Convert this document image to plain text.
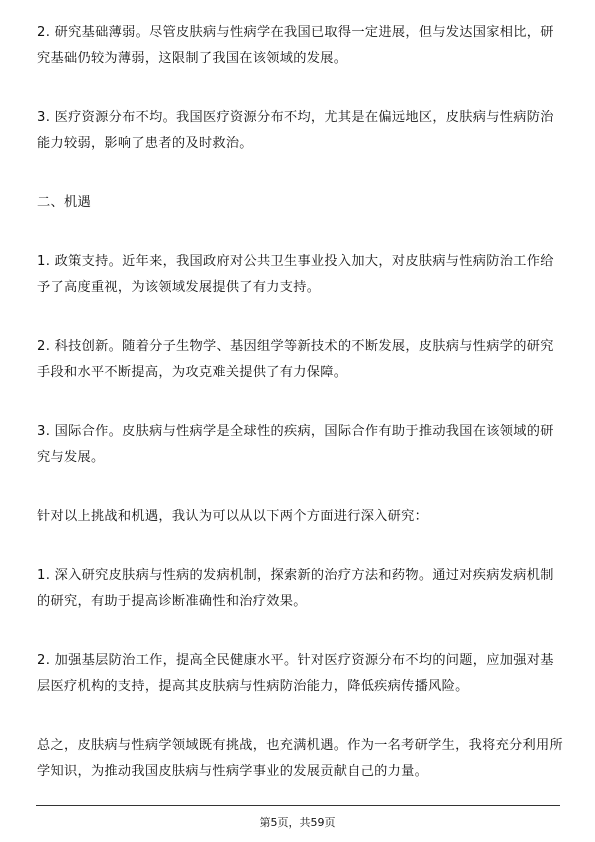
2. 研究基础薄弱。尽管皮肤病与性病学在我国已取得一定进展，但与发达国家相比，研究基础仍较为薄弱，这限制了我国在该领域的发展。

3. 医疗资源分布不均。我国医疗资源分布不均，尤其是在偏远地区，皮肤病与性病防治能力较弱，影响了患者的及时救治。

二、机遇

1. 政策支持。近年来，我国政府对公共卫生事业投入加大，对皮肤病与性病防治工作给予了高度重视，为该领域发展提供了有力支持。

2. 科技创新。随着分子生物学、基因组学等新技术的不断发展，皮肤病与性病学的研究手段和水平不断提高，为攻克难关提供了有力保障。

3. 国际合作。皮肤病与性病学是全球性的疾病，国际合作有助于推动我国在该领域的研究与发展。

针对以上挑战和机遇，我认为可以从以下两个方面进行深入研究：

1. 深入研究皮肤病与性病的发病机制，探索新的治疗方法和药物。通过对疾病发病机制的研究，有助于提高诊断准确性和治疗效果。

2. 加强基层防治工作，提高全民健康水平。针对医疗资源分布不均的问题，应加强对基层医疗机构的支持，提高其皮肤病与性病防治能力，降低疾病传播风险。

总之，皮肤病与性病学领域既有挑战，也充满机遇。作为一名考研学生，我将充分利用所学知识，为推动我国皮肤病与性病学事业的发展贡献自己的力量。

第5页，共59页
